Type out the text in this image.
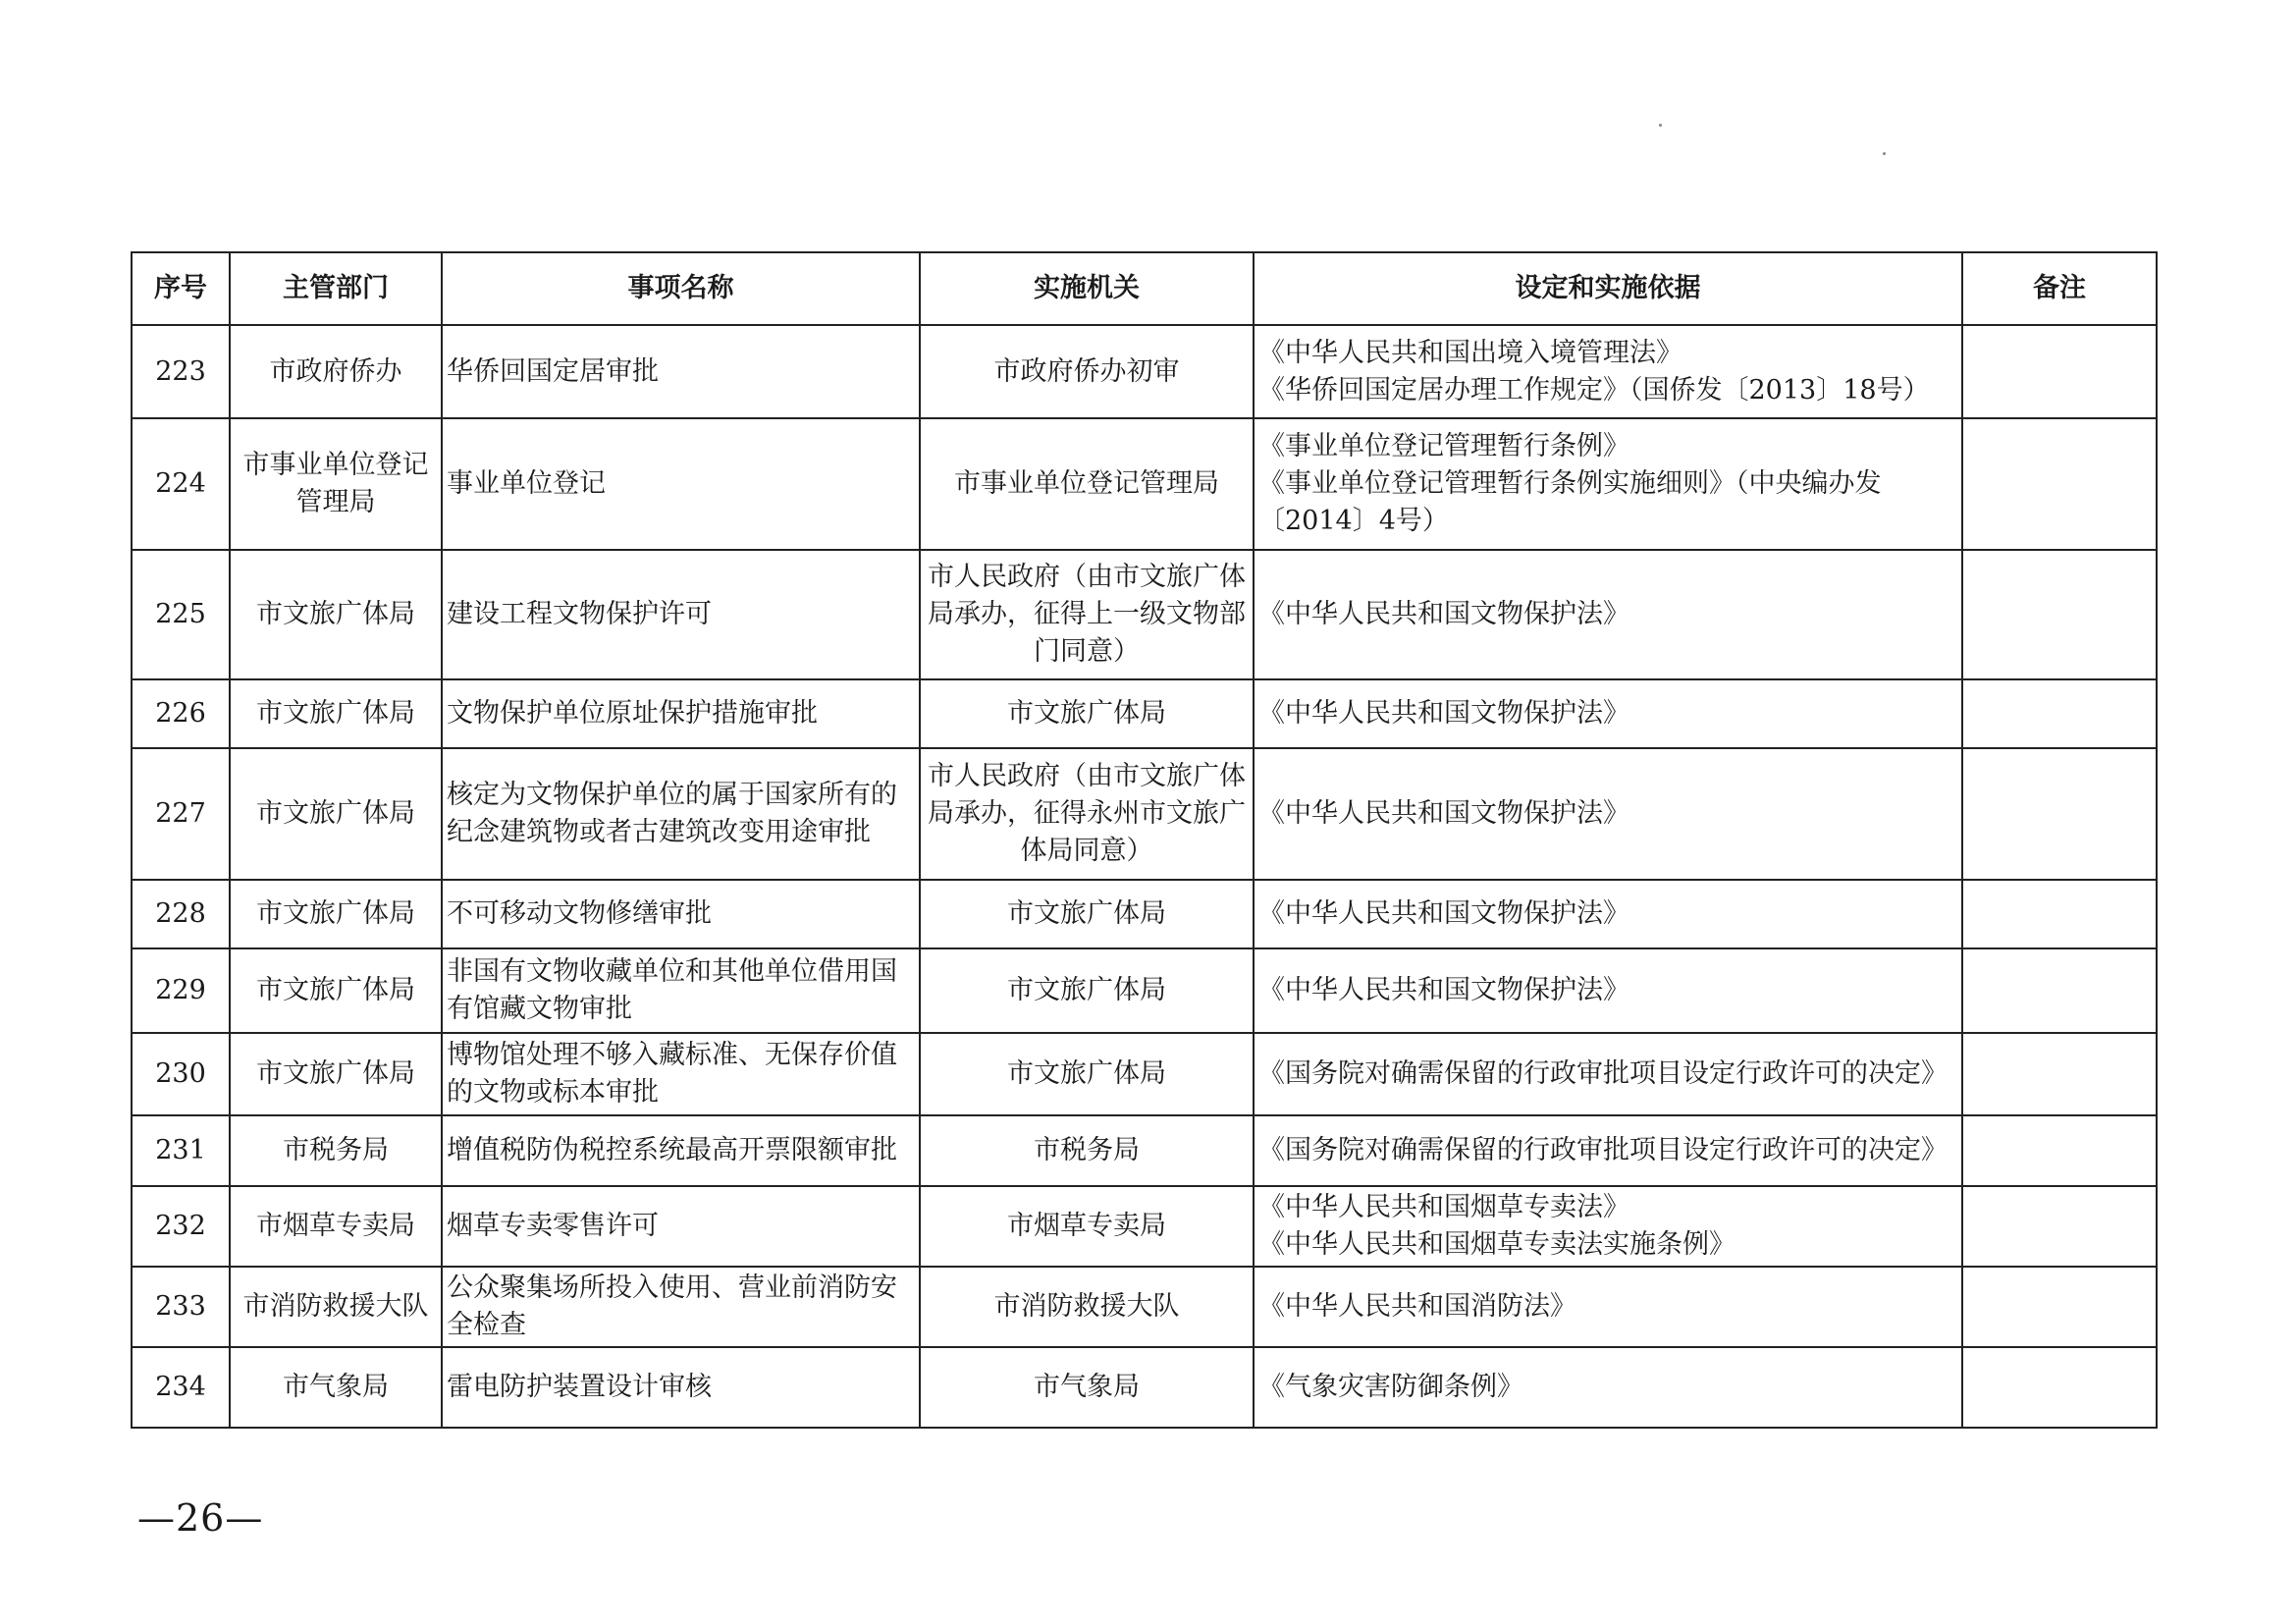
序号	主管部门	事项名称	实施机关	设定和实施依据	备注
223	市政府侨办	华侨回国定居审批	市政府侨办初审	《中华人民共和国出境入境管理法》
《华侨回国定居办理工作规定》（国侨发〔2013〕18号）	

224	市事业单位登记管理局	事业单位登记	市事业单位登记管理局	《事业单位登记管理暂行条例》
《事业单位登记管理暂行条例实施细则》（中央编办发〔2014〕4号）	

225	市文旅广体局	建设工程文物保护许可	市人民政府（由市文旅广体局承办，征得上一级文物部门同意）	《中华人民共和国文物保护法》	

226	市文旅广体局	文物保护单位原址保护措施审批	市文旅广体局	《中华人民共和国文物保护法》	

227	市文旅广体局	核定为文物保护单位的属于国家所有的纪念建筑物或者古建筑改变用途审批	市人民政府（由市文旅广体局承办，征得永州市文旅广体局同意）	《中华人民共和国文物保护法》	

228	市文旅广体局	不可移动文物修缮审批	市文旅广体局	《中华人民共和国文物保护法》	

229	市文旅广体局	非国有文物收藏单位和其他单位借用国有馆藏文物审批	市文旅广体局	《中华人民共和国文物保护法》	

230	市文旅广体局	博物馆处理不够入藏标准、无保存价值的文物或标本审批	市文旅广体局	《国务院对确需保留的行政审批项目设定行政许可的决定》	

231	市税务局	增值税防伪税控系统最高开票限额审批	市税务局	《国务院对确需保留的行政审批项目设定行政许可的决定》	

232	市烟草专卖局	烟草专卖零售许可	市烟草专卖局	《中华人民共和国烟草专卖法》
《中华人民共和国烟草专卖法实施条例》	

233	市消防救援大队	公众聚集场所投入使用、营业前消防安全检查	市消防救援大队	《中华人民共和国消防法》	

234	市气象局	雷电防护装置设计审核	市气象局	《气象灾害防御条例》	

—26—
